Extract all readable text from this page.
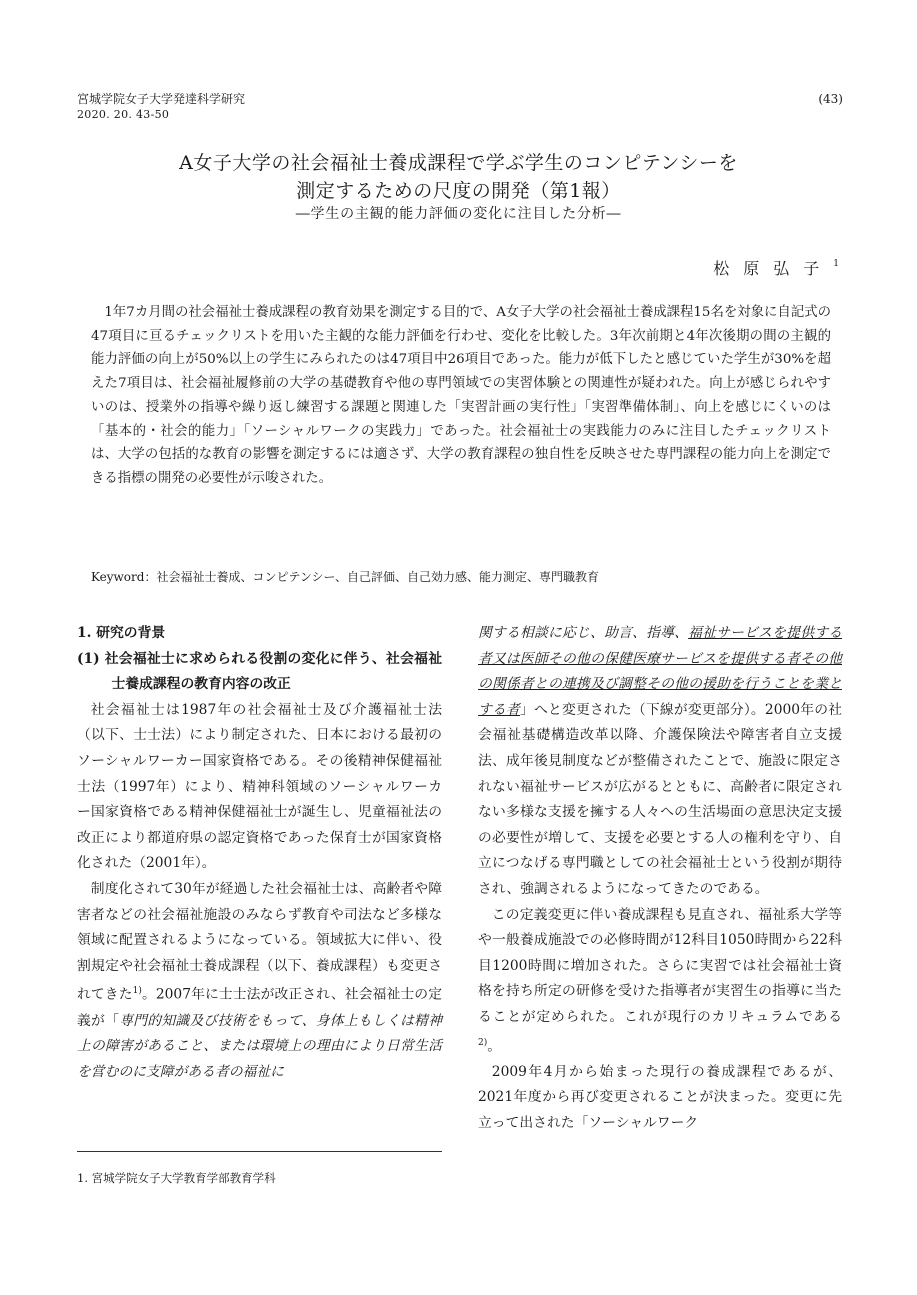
宮城学院女子大学発達科学研究
2020. 20. 43-50
(43)
A女子大学の社会福祉士養成課程で学ぶ学生のコンピテンシーを
測定するための尺度の開発（第1報）
―学生の主観的能力評価の変化に注目した分析―
松原弘子$^1$

1年7カ月間の社会福祉士養成課程の教育効果を測定する目的で、A女子大学の社会福祉士養成課程15名を対象に自記式の47項目に亘るチェックリストを用いた主観的な能力評価を行わせ、変化を比較した。3年次前期と4年次後期の間の主観的能力評価の向上が50%以上の学生にみられたのは47項目中26項目であった。能力が低下したと感じていた学生が30%を超えた7項目は、社会福祉履修前の大学の基礎教育や他の専門領域での実習体験との関連性が疑われた。向上が感じられやすいのは、授業外の指導や繰り返し練習する課題と関連した「実習計画の実行性」「実習準備体制」、向上を感じにくいのは「基本的・社会的能力」「ソーシャルワークの実践力」であった。社会福祉士の実践能力のみに注目したチェックリストは、大学の包括的な教育の影響を測定するには適さず、大学の教育課程の独自性を反映させた専門課程の能力向上を測定できる指標の開発の必要性が示唆された。

Keyword：社会福祉士養成、コンピテンシー、自己評価、自己効力感、能力測定、専門職教育

1. 研究の背景

(1) 社会福祉士に求められる役割の変化に伴う、社会福祉士養成課程の教育内容の改正

社会福祉士は1987年の社会福祉士及び介護福祉士法（以下、士士法）により制定された、日本における最初のソーシャルワーカー国家資格である。その後精神保健福祉士法（1997年）により、精神科領域のソーシャルワーカー国家資格である精神保健福祉士が誕生し、児童福祉法の改正により都道府県の認定資格であった保育士が国家資格化された（2001年）。

制度化されて30年が経過した社会福祉士は、高齢者や障害者などの社会福祉施設のみならず教育や司法など多様な領域に配置されるようになっている。領域拡大に伴い、役割規定や社会福祉士養成課程（以下、養成課程）も変更されてきた$^{1)}$。2007年に士士法が改正され、社会福祉士の定義が「専門的知識及び技術をもって、身体上もしくは精神上の障害があること、または環境上の理由により日常生活を営むのに支障がある者の福祉に

関する相談に応じ、助言、指導、福祉サービスを提供する者又は医師その他の保健医療サービスを提供する者その他の関係者との連携及び調整その他の援助を行うことを業とする者」へと変更された（下線が変更部分）。2000年の社会福祉基礎構造改革以降、介護保険法や障害者自立支援法、成年後見制度などが整備されたことで、施設に限定されない福祉サービスが広がるとともに、高齢者に限定されない多様な支援を擁する人々への生活場面の意思決定支援の必要性が増して、支援を必要とする人の権利を守り、自立につなげる専門職としての社会福祉士という役割が期待され、強調されるようになってきたのである。

この定義変更に伴い養成課程も見直され、福祉系大学等や一般養成施設での必修時間が12科目1050時間から22科目1200時間に増加された。さらに実習では社会福祉士資格を持ち所定の研修を受けた指導者が実習生の指導に当たることが定められた。これが現行のカリキュラムである$^{2)}$。

2009年4月から始まった現行の養成課程であるが、2021年度から再び変更されることが決まった。変更に先立って出された「ソーシャルワーク

1. 宮城学院女子大学教育学部教育学科
